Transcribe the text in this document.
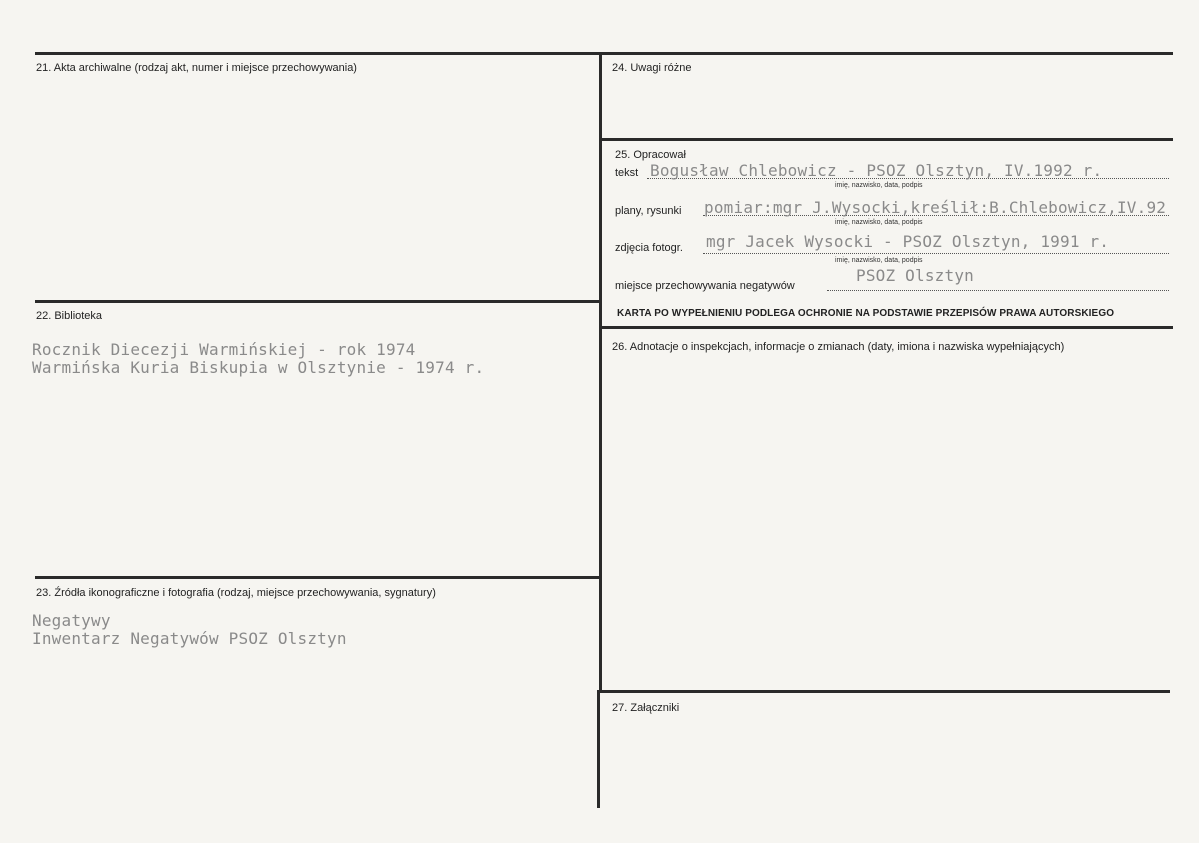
21. Akta archiwalne (rodzaj akt, numer i miejsce przechowywania)
22. Biblioteka
Rocznik Diecezji Warmińskiej - rok 1974
Warmińska Kuria Biskupia w Olsztynie - 1974 r.
23. Źródła ikonograficzne i fotografia (rodzaj, miejsce przechowywania, sygnatury)
Negatywy
Inwentarz Negatywów PSOZ Olsztyn
24. Uwagi różne
25. Opracował
tekst Bogusław Chlebowicz - PSOZ Olsztyn, IV.1992 r.
imię, nazwisko, data, podpis
plany, rysunki pomiar:mgr J.Wysocki,kreślił:B.Chlebowicz,IV.92
imię, nazwisko, data, podpis
zdjęcia fotogr. mgr Jacek Wysocki - PSOZ Olsztyn, 1991 r.
imię, nazwisko, data, podpis
miejsce przechowywania negatywów
PSOZ Olsztyn
KARTA PO WYPEŁNIENIU PODLEGA OCHRONIE NA PODSTAWIE PRZEPISÓW PRAWA AUTORSKIEGO
26. Adnotacje o inspekcjach, informacje o zmianach (daty, imiona i nazwiska wypełniających)
27. Załączniki
